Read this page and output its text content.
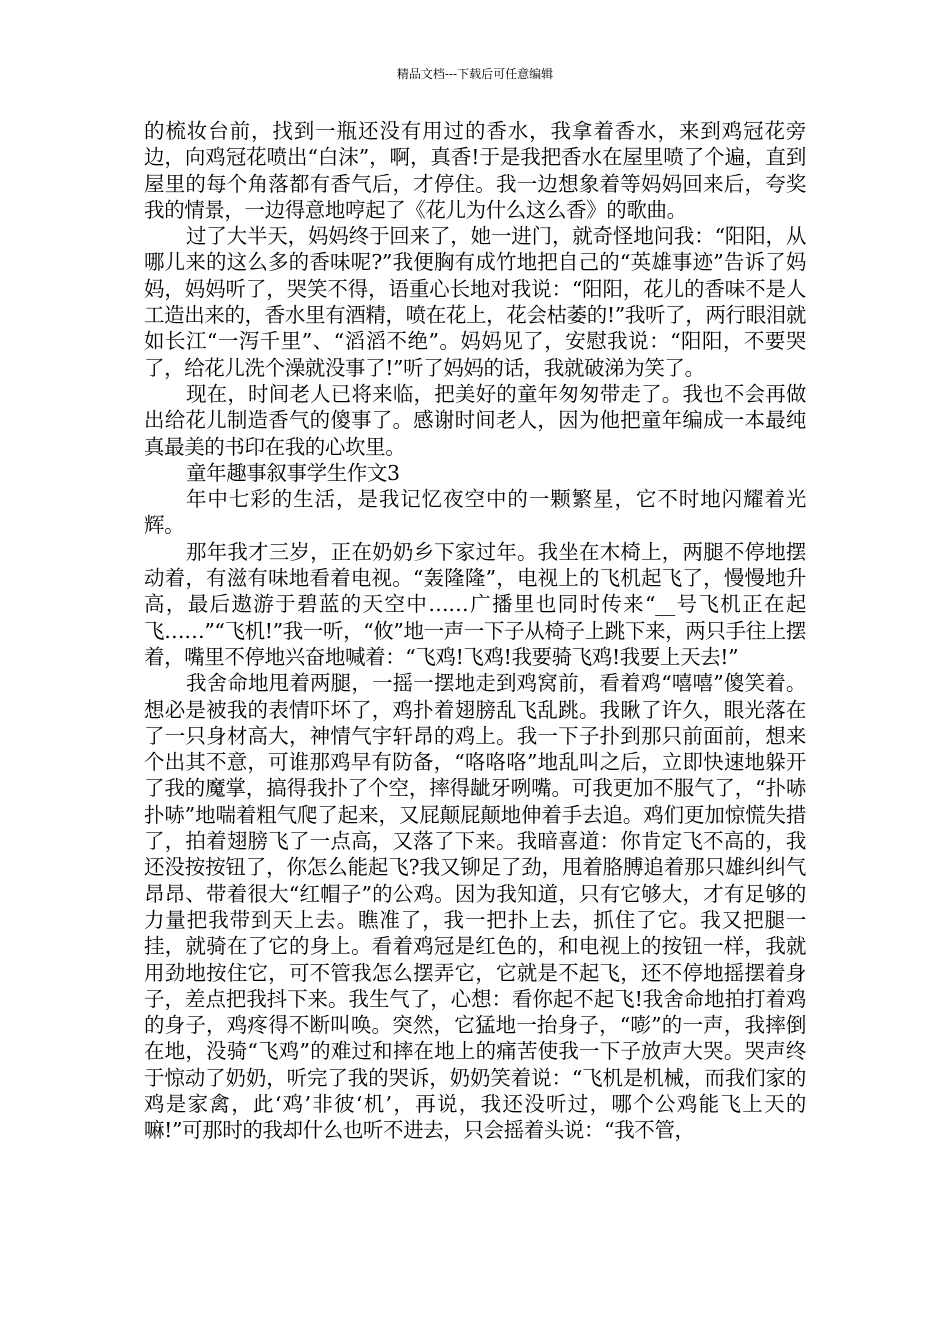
精品文档---下载后可任意编辑

的梳妆台前，找到一瓶还没有用过的香水，我拿着香水，来到鸡冠花旁边，向鸡冠花喷出“白沫”，啊，真香!于是我把香水在屋里喷了个遍，直到屋里的每个角落都有香气后，才停住。我一边想象着等妈妈回来后，夸奖我的情景，一边得意地哼起了《花儿为什么这么香》的歌曲。

过了大半天，妈妈终于回来了，她一进门，就奇怪地问我：“阳阳，从哪儿来的这么多的香味呢?”我便胸有成竹地把自己的“英雄事迹”告诉了妈妈，妈妈听了，哭笑不得，语重心长地对我说：“阳阳，花儿的香味不是人工造出来的，香水里有酒精，喷在花上，花会枯萎的!”我听了，两行眼泪就如长江“一泻千里”、“滔滔不绝”。妈妈见了，安慰我说：“阳阳，不要哭了，给花儿洗个澡就没事了!”听了妈妈的话，我就破涕为笑了。

现在，时间老人已将来临，把美好的童年匆匆带走了。我也不会再做出给花儿制造香气的傻事了。感谢时间老人，因为他把童年编成一本最纯真最美的书印在我的心坎里。

童年趣事叙事学生作文3

年中七彩的生活，是我记忆夜空中的一颗繁星，它不时地闪耀着光辉。

那年我才三岁，正在奶奶乡下家过年。我坐在木椅上，两腿不停地摆动着，有滋有味地看着电视。“轰隆隆”，电视上的飞机起飞了，慢慢地升高，最后遨游于碧蓝的天空中……广播里也同时传来“__号飞机正在起飞……”“飞机!”我一听，“攸”地一声一下子从椅子上跳下来，两只手往上摆着，嘴里不停地兴奋地喊着：“飞鸡!飞鸡!我要骑飞鸡!我要上天去!”

我舍命地甩着两腿，一摇一摆地走到鸡窝前，看着鸡“嘻嘻”傻笑着。想必是被我的表情吓坏了，鸡扑着翅膀乱飞乱跳。我瞅了许久，眼光落在了一只身材高大，神情气宇轩昂的鸡上。我一下子扑到那只前面前，想来个出其不意，可谁那鸡早有防备，“咯咯咯”地乱叫之后，立即快速地躲开了我的魔掌，搞得我扑了个空，摔得龇牙咧嘴。可我更加不服气了，“扑哧扑哧”地喘着粗气爬了起来，又屁颠屁颠地伸着手去追。鸡们更加惊慌失措了，拍着翅膀飞了一点高，又落了下来。我暗喜道：你肯定飞不高的，我还没按按钮了，你怎么能起飞?我又铆足了劲，甩着胳膊追着那只雄纠纠气昂昂、带着很大“红帽子”的公鸡。因为我知道，只有它够大，才有足够的力量把我带到天上去。瞧准了，我一把扑上去，抓住了它。我又把腿一挂，就骑在了它的身上。看着鸡冠是红色的，和电视上的按钮一样，我就用劲地按住它，可不管我怎么摆弄它，它就是不起飞，还不停地摇摆着身子，差点把我抖下来。我生气了，心想：看你起不起飞!我舍命地拍打着鸡的身子，鸡疼得不断叫唤。突然，它猛地一抬身子，“嘭”的一声，我摔倒在地，没骑“飞鸡”的难过和摔在地上的痛苦使我一下子放声大哭。哭声终于惊动了奶奶，听完了我的哭诉，奶奶笑着说：“飞机是机械，而我们家的鸡是家禽，此‘鸡’非彼‘机’，再说，我还没听过，哪个公鸡能飞上天的嘛!”可那时的我却什么也听不进去，只会摇着头说：“我不管，
